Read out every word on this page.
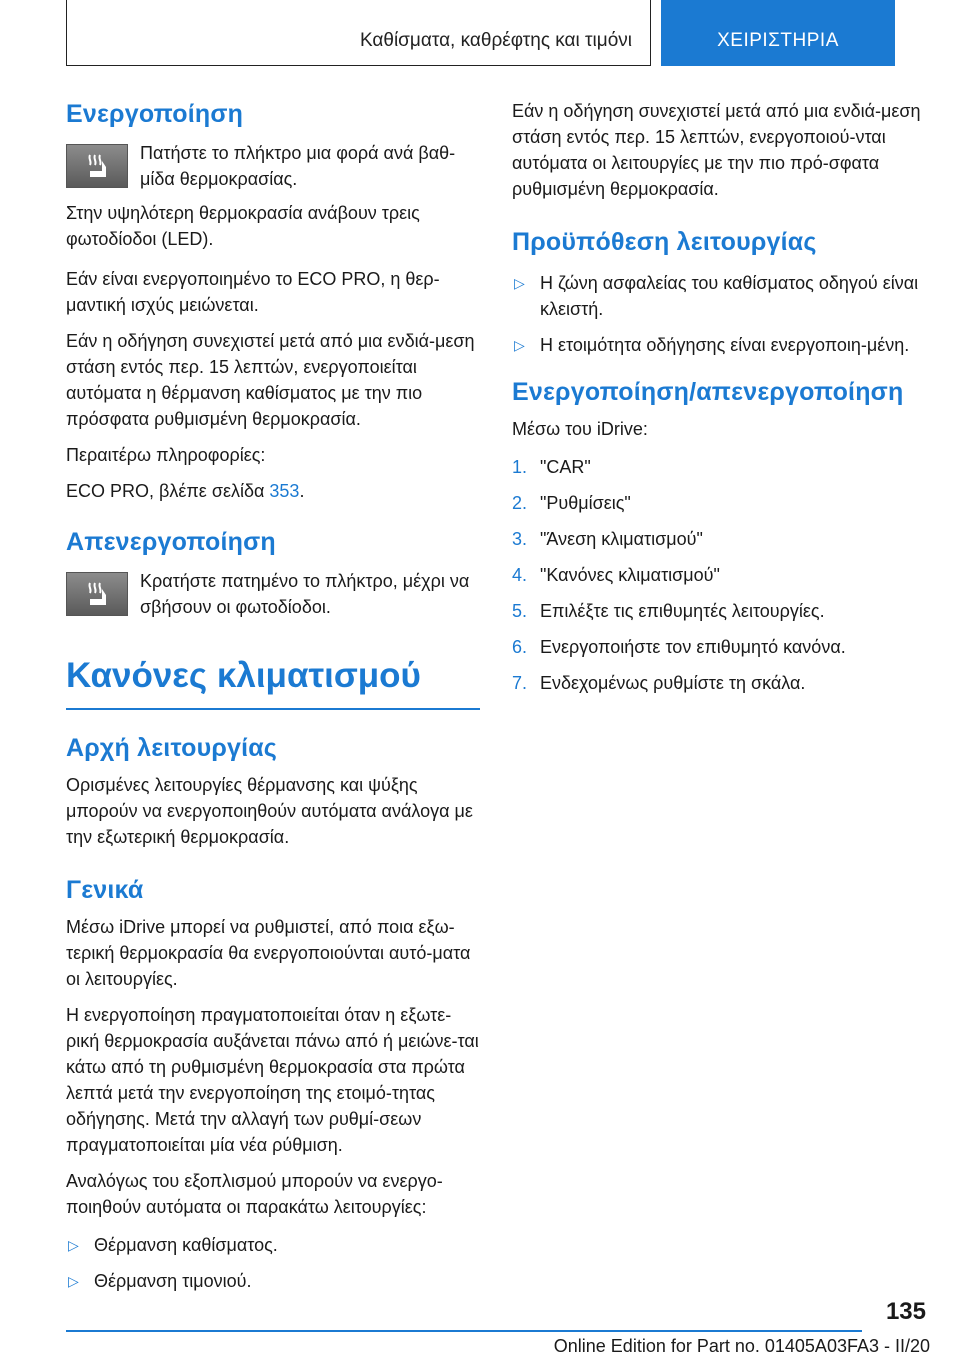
Καθίσματα, καθρέφτης και τιμόνι	ΧΕΙΡΙΣΤΗΡΙΑ
Ενεργοποίηση

Πατήστε το πλήκτρο μια φορά ανά βαθ-μίδα θερμοκρασίας.

Στην υψηλότερη θερμοκρασία ανάβουν τρεις φωτοδίοδοι (LED).

Εάν είναι ενεργοποιημένο το ECO PRO, η θερ-μαντική ισχύς μειώνεται.

Εάν η οδήγηση συνεχιστεί μετά από μια ενδιά-μεση στάση εντός περ. 15 λεπτών, ενεργοποιείται αυτόματα η θέρμανση καθίσματος με την πιο πρόσφατα ρυθμισμένη θερμοκρασία.

Περαιτέρω πληροφορίες:

ECO PRO, βλέπε σελίδα 353.

Απενεργοποίηση

Κρατήστε πατημένο το πλήκτρο, μέχρι να σβήσουν οι φωτοδίοδοι.

Κανόνες κλιματισμού
Αρχή λειτουργίας

Ορισμένες λειτουργίες θέρμανσης και ψύξης μπορούν να ενεργοποιηθούν αυτόματα ανάλογα με την εξωτερική θερμοκρασία.

Γενικά

Μέσω iDrive μπορεί να ρυθμιστεί, από ποια εξω-τερική θερμοκρασία θα ενεργοποιούνται αυτό-ματα οι λειτουργίες.

Η ενεργοποίηση πραγματοποιείται όταν η εξωτε-ρική θερμοκρασία αυξάνεται πάνω από ή μειώνε-ται κάτω από τη ρυθμισμένη θερμοκρασία στα πρώτα λεπτά μετά την ενεργοποίηση της ετοιμό-τητας οδήγησης. Μετά την αλλαγή των ρυθμί-σεων πραγματοποιείται μία νέα ρύθμιση.

Αναλόγως του εξοπλισμού μπορούν να ενεργο-ποιηθούν αυτόματα οι παρακάτω λειτουργίες:

▷ Θέρμανση καθίσματος.
▷ Θέρμανση τιμονιού.

Εάν η οδήγηση συνεχιστεί μετά από μια ενδιά-μεση στάση εντός περ. 15 λεπτών, ενεργοποιού-νται αυτόματα οι λειτουργίες με την πιο πρό-σφατα ρυθμισμένη θερμοκρασία.

Προϋπόθεση λειτουργίας
▷ Η ζώνη ασφαλείας του καθίσματος οδηγού είναι κλειστή.
▷ Η ετοιμότητα οδήγησης είναι ενεργοποιη-μένη.
Ενεργοποίηση/απενεργοποίηση

Μέσω του iDrive:

1. "CAR"
2. "Ρυθμίσεις"
3. "Άνεση κλιματισμού"
4. "Κανόνες κλιματισμού"
5. Επιλέξτε τις επιθυμητές λειτουργίες.
6. Ενεργοποιήστε τον επιθυμητό κανόνα.
7. Ενδεχομένως ρυθμίστε τη σκάλα.
135
Online Edition for Part no. 01405A03FA3 - II/20
